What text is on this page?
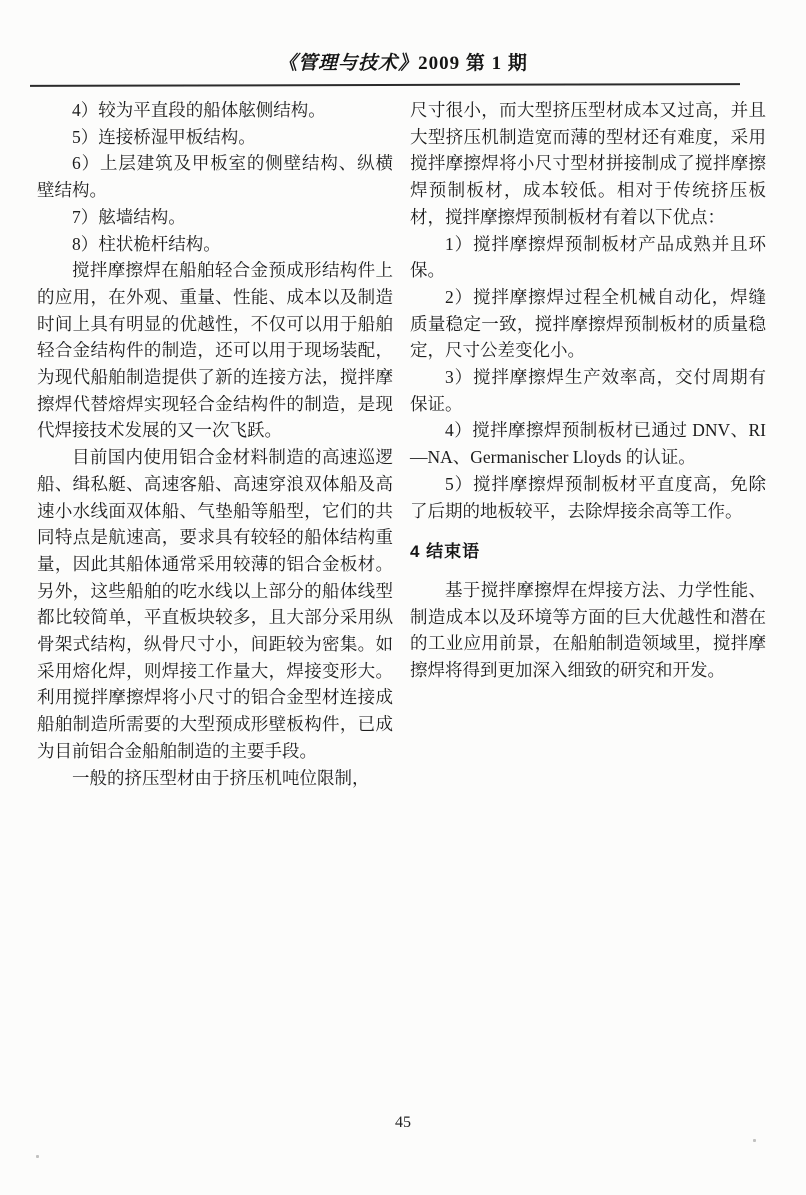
《管理与技术》2009 第 1 期

4）较为平直段的船体舷侧结构。

5）连接桥湿甲板结构。

6）上层建筑及甲板室的侧壁结构、纵横壁结构。

7）舷墙结构。

8）柱状桅杆结构。

搅拌摩擦焊在船舶轻合金预成形结构件上的应用，在外观、重量、性能、成本以及制造时间上具有明显的优越性，不仅可以用于船舶轻合金结构件的制造，还可以用于现场装配，为现代船舶制造提供了新的连接方法，搅拌摩擦焊代替熔焊实现轻合金结构件的制造，是现代焊接技术发展的又一次飞跃。

目前国内使用铝合金材料制造的高速巡逻船、缉私艇、高速客船、高速穿浪双体船及高速小水线面双体船、气垫船等船型，它们的共同特点是航速高，要求具有较轻的船体结构重量，因此其船体通常采用较薄的铝合金板材。另外，这些船舶的吃水线以上部分的船体线型都比较简单，平直板块较多，且大部分采用纵骨架式结构，纵骨尺寸小，间距较为密集。如采用熔化焊，则焊接工作量大，焊接变形大。利用搅拌摩擦焊将小尺寸的铝合金型材连接成船舶制造所需要的大型预成形壁板构件，已成为目前铝合金船舶制造的主要手段。

一般的挤压型材由于挤压机吨位限制，

尺寸很小，而大型挤压型材成本又过高，并且大型挤压机制造宽而薄的型材还有难度，采用搅拌摩擦焊将小尺寸型材拼接制成了搅拌摩擦焊预制板材，成本较低。相对于传统挤压板材，搅拌摩擦焊预制板材有着以下优点：

1）搅拌摩擦焊预制板材产品成熟并且环保。

2）搅拌摩擦焊过程全机械自动化，焊缝质量稳定一致，搅拌摩擦焊预制板材的质量稳定，尺寸公差变化小。

3）搅拌摩擦焊生产效率高，交付周期有保证。

4）搅拌摩擦焊预制板材已通过 DNV、RI—NA、Germanischer Lloyds 的认证。

5）搅拌摩擦焊预制板材平直度高，免除了后期的地板较平，去除焊接余高等工作。

4 结束语

基于搅拌摩擦焊在焊接方法、力学性能、制造成本以及环境等方面的巨大优越性和潜在的工业应用前景，在船舶制造领域里，搅拌摩擦焊将得到更加深入细致的研究和开发。

45
